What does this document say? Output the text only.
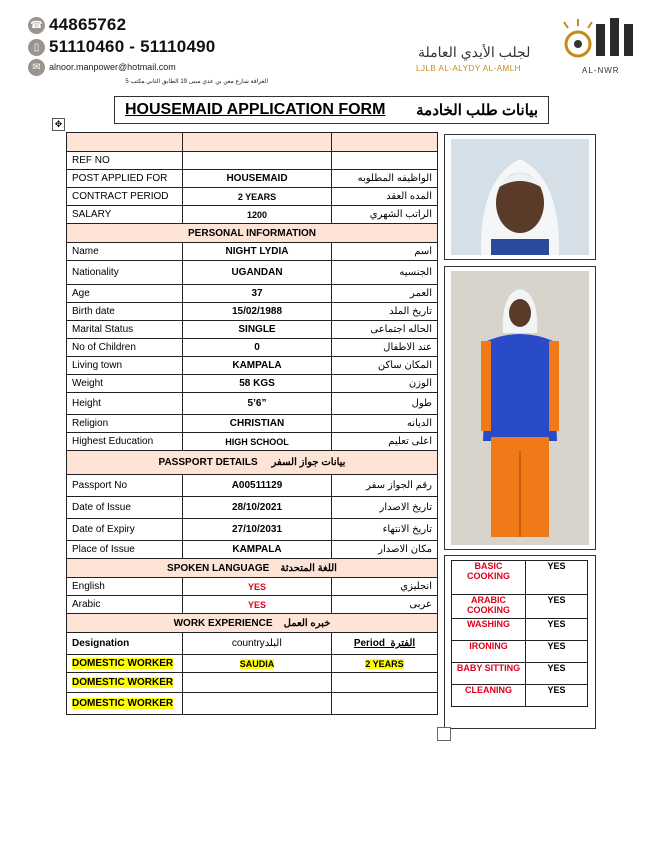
☎ 44865762
▯ 51110460 - 51110490
✉ alnoor.manpower@hotmail.com
الغرافة شارع معن بن عدي مبنى 19 الطابق الثاني مكتب 5
لجلب الأيدي العاملة
LJLB AL-ALYDY AL-AMLH	AL-NWR
✥
HOUSEMAID APPLICATION FORM بيانات طلب الخادمة

REF NO		
POST APPLIED FOR	HOUSEMAID	الواظيفه المطلوبه
CONTRACT PERIOD	2 YEARS	المده العقد
SALARY	1200	الراتب الشهري
PERSONAL INFORMATION		
Name	NIGHT LYDIA	اسم
Nationality	UGANDAN	الجنسيه
Age	37	العمر
Birth date	15/02/1988	تاريخ الملد
Marital Status	SINGLE	الحاله اجتماعى
No of Children	0	عند الاطفال
Living town	KAMPALA	المكان ساكن
Weight	58 KGS	الوزن
Height	5’6”	طول
Religion	CHRISTIAN	الديانه
Highest Education	HIGH SCHOOL	اعلى تعليم
PASSPORT DETAILS بيانات جواز السفر		
Passport No	A00511129	رقم الجواز سفر
Date of Issue	28/10/2021	تاريخ الاصدار
Date of Expiry	27/10/2031	تاريخ الانتهاء
Place of Issue	KAMPALA	مكان الاصدار
SPOKEN LANGUAGE اللغة المتحدثة		
English	YES	انجليزي
Arabic	YES	عربى
WORK EXPERIENCE خبره العمل		
Designation	countryالبلد	Period الفترة
DOMESTIC WORKER	SAUDIA	2 YEARS
DOMESTIC WORKER		
DOMESTIC WORKER		
BASIC COOKING	YES
ARABIC COOKING	YES
WASHING	YES
IRONING	YES
BABY SITTING	YES
CLEANING	YES
